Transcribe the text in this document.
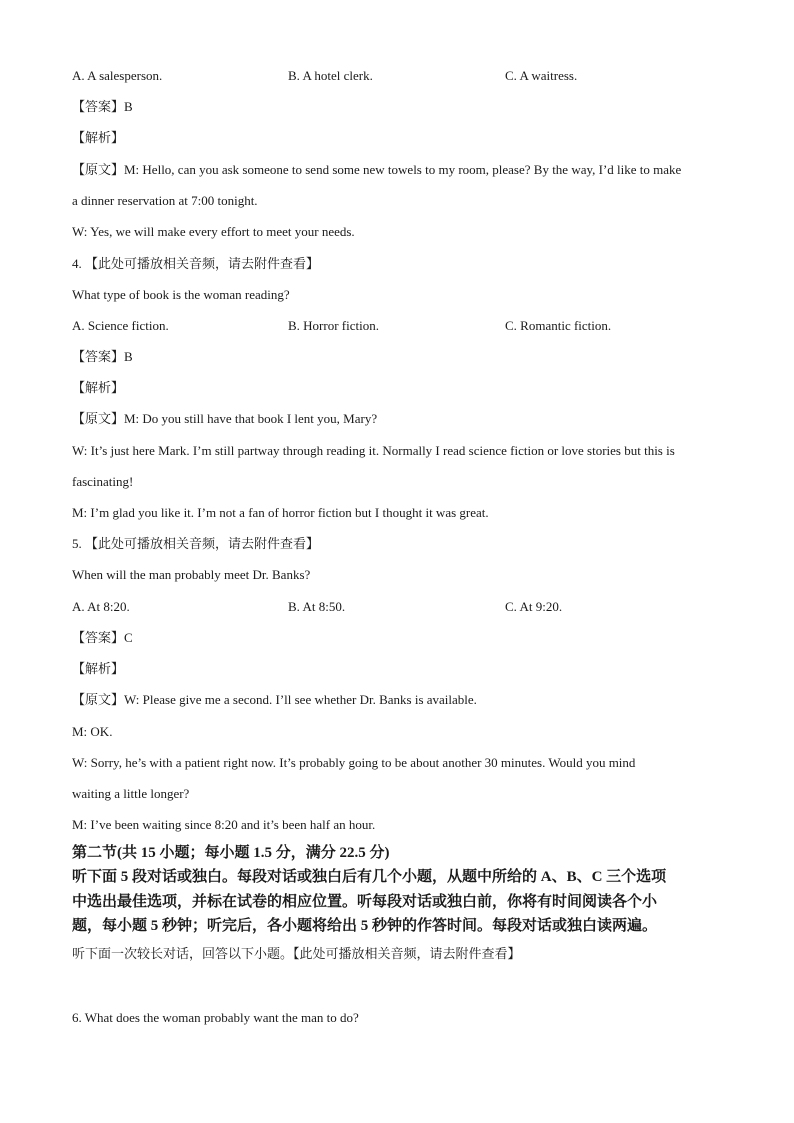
A. A salesperson.	B. A hotel clerk.	C. A waitress.
【答案】B
【解析】
【原文】M: Hello, can you ask someone to send some new towels to my room, please? By the way, I’d like to make
a dinner reservation at 7:00 tonight.
W: Yes, we will make every effort to meet your needs.
4. 【此处可播放相关音频，请去附件查看】
What type of book is the woman reading?
A. Science fiction.	B. Horror fiction.	C. Romantic fiction.
【答案】B
【解析】
【原文】M: Do you still have that book I lent you, Mary?
W: It’s just here Mark. I’m still partway through reading it. Normally I read science fiction or love stories but this is
fascinating!
M: I’m glad you like it. I’m not a fan of horror fiction but I thought it was great.
5. 【此处可播放相关音频，请去附件查看】
When will the man probably meet Dr. Banks?
A. At 8:20.	B. At 8:50.	C. At 9:20.
【答案】C
【解析】
【原文】W: Please give me a second. I’ll see whether Dr. Banks is available.
M: OK.
W: Sorry, he’s with a patient right now. It’s probably going to be about another 30 minutes. Would you mind
waiting a little longer?
M: I’ve been waiting since 8:20 and it’s been half an hour.
第二节(共 15 小题；每小题 1.5 分，满分 22.5 分)
听下面 5 段对话或独白。每段对话或独白后有几个小题，从题中所给的 A、B、C 三个选项
中选出最佳选项，并标在试卷的相应位置。听每段对话或独白前，你将有时间阅读各个小
题，每小题 5 秒钟；听完后，各小题将给出 5 秒钟的作答时间。每段对话或独白读两遍。
听下面一次较长对话，回答以下小题。【此处可播放相关音频，请去附件查看】
6. What does the woman probably want the man to do?
